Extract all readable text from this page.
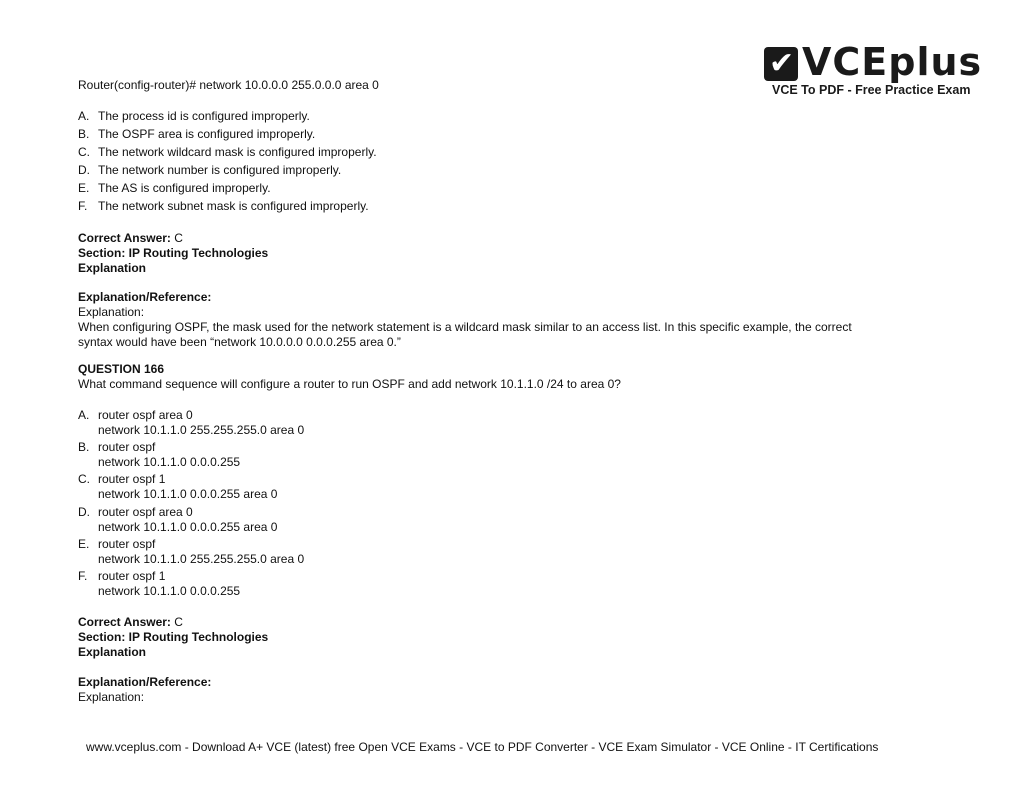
✔ VCEplus
VCE To PDF - Free Practice Exam
Router(config-router)# network 10.0.0.0 255.0.0.0 area 0
A. The process id is configured improperly.
B. The OSPF area is configured improperly.
C. The network wildcard mask is configured improperly.
D. The network number is configured improperly.
E. The AS is configured improperly.
F. The network subnet mask is configured improperly.
Correct Answer: C
Section: IP Routing Technologies
Explanation
Explanation/Reference:
Explanation:
When configuring OSPF, the mask used for the network statement is a wildcard mask similar to an access list. In this specific example, the correct
syntax would have been “network 10.0.0.0 0.0.0.255 area 0.”
QUESTION 166
What command sequence will configure a router to run OSPF and add network 10.1.1.0 /24 to area 0?
A. router ospf area 0
network 10.1.1.0 255.255.255.0 area 0
B. router ospf
network 10.1.1.0 0.0.0.255
C. router ospf 1
network 10.1.1.0 0.0.0.255 area 0
D. router ospf area 0
network 10.1.1.0 0.0.0.255 area 0
E. router ospf
network 10.1.1.0 255.255.255.0 area 0
F. router ospf 1
network 10.1.1.0 0.0.0.255
Correct Answer: C
Section: IP Routing Technologies
Explanation
Explanation/Reference:
Explanation:
www.vceplus.com - Download A+ VCE (latest) free Open VCE Exams - VCE to PDF Converter - VCE Exam Simulator - VCE Online - IT Certifications
